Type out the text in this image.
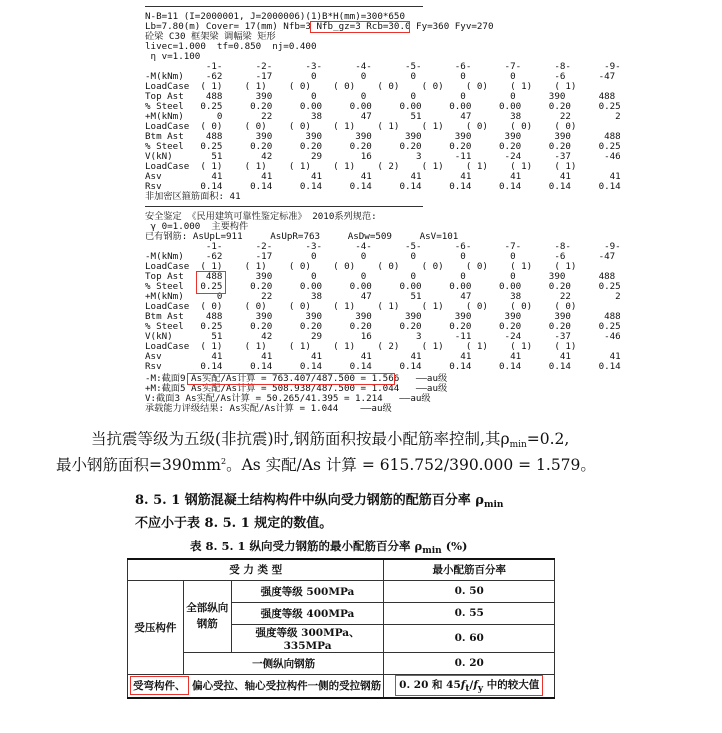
N-B=11 (I=2000001, J=2000006)(1)B*H(mm)=300*650
Lb=7.80(m) Cover= 17(mm) Nfb=3 Nfb_gz=3 Rcb=30.0 Fy=360 Fyv=270
砼梁 C30 框架梁 调幅梁 矩形
livec=1.000  tf=0.850  nj=0.400
η v=1.100
-1-      -2-      -3-      -4-      -5-      -6-      -7-      -8-      -9-
-M(kNm)    -62      -17       0        0        0        0        0       -6      -47
LoadCase  ( 1)    ( 1)    ( 0)    ( 0)    ( 0)    ( 0)    ( 0)    ( 1)    ( 1)
Top Ast    488      390       0        0        0        0        0      390      488
% Steel   0.25     0.20     0.00     0.00     0.00     0.00     0.00     0.20     0.25
+M(kNm)      0       22       38       47       51       47       38       22        2
LoadCase  ( 0)    ( 0)    ( 0)    ( 1)    ( 1)    ( 1)    ( 0)    ( 0)    ( 0)
Btm Ast    488      390      390      390      390      390      390      390      488
% Steel   0.25     0.20     0.20     0.20     0.20     0.20     0.20     0.20     0.25
V(kN)       51       42       29       16        3      -11      -24      -37      -46
LoadCase  ( 1)    ( 1)    ( 1)    ( 1)    ( 2)    ( 1)    ( 1)    ( 1)    ( 1)
Asv         41       41       41       41       41       41       41       41       41
Rsv       0.14     0.14     0.14     0.14     0.14     0.14     0.14     0.14     0.14
非加密区箍筋面积: 41
安全鉴定 《民用建筑可靠性鉴定标准》 2010系列规范:
γ 0=1.000  主要构件
已有钢筋: AsUpL=911     AsUpR=763     AsDw=509     AsV=101
-1-      -2-      -3-      -4-      -5-      -6-      -7-      -8-      -9-
-M(kNm)    -62      -17       0        0        0        0        0       -6      -47
LoadCase  ( 1)    ( 1)    ( 0)    ( 0)    ( 0)    ( 0)    ( 0)    ( 1)    ( 1)
Top Ast    488      390       0        0        0        0        0      390      488
% Steel   0.25     0.20     0.00     0.00     0.00     0.00     0.00     0.20     0.25
+M(kNm)      0       22       38       47       51       47       38       22        2
LoadCase  ( 0)    ( 0)    ( 0)    ( 1)    ( 1)    ( 1)    ( 0)    ( 0)    ( 0)
Btm Ast    488      390      390      390      390      390      390      390      488
% Steel   0.25     0.20     0.20     0.20     0.20     0.20     0.20     0.20     0.25
V(kN)       51       42       29       16        3      -11      -24      -37      -46
LoadCase  ( 1)    ( 1)    ( 1)    ( 1)    ( 2)    ( 1)    ( 1)    ( 1)    ( 1)
Asv         41       41       41       41       41       41       41       41       41
Rsv       0.14     0.14     0.14     0.14     0.14     0.14     0.14     0.14     0.14
-M:截面9 As实配/As计算 = 763.407/487.500 = 1.566   ——au级
+M:截面5 As实配/As计算 = 508.938/487.500 = 1.044   ——au级
V:截面3 As实配/As计算 = 50.265/41.395 = 1.214   ——au级
承载能力评级结果: As实配/As计算 = 1.044    ——au级
当抗震等级为五级(非抗震)时,钢筋面积按最小配筋率控制,其$\rho_{min}=0.2$,
最小钢筋面积$=390mm^2$。As 实配/As 计算 = 615.752/390.000 = 1.579。
8. 5. 1 钢筋混凝土结构构件中纵向受力钢筋的配筋百分率 $\rho_{min}$
不应小于表 8. 5. 1 规定的数值。
表 8. 5. 1 纵向受力钢筋的最小配筋百分率 $\rho_{min}$ (%)
受 力 类 型			最小配筋百分率
受压构件	全部纵向钢筋	强度等级 500MPa	0. 50
		强度等级 400MPa	0. 55
		强度等级 300MPa、335MPa	0. 60
	一侧纵向钢筋		0. 20
受弯构件、 偏心受拉、轴心受拉构件一侧的受拉钢筋			0. 20 和 45ft/fy 中的较大值
